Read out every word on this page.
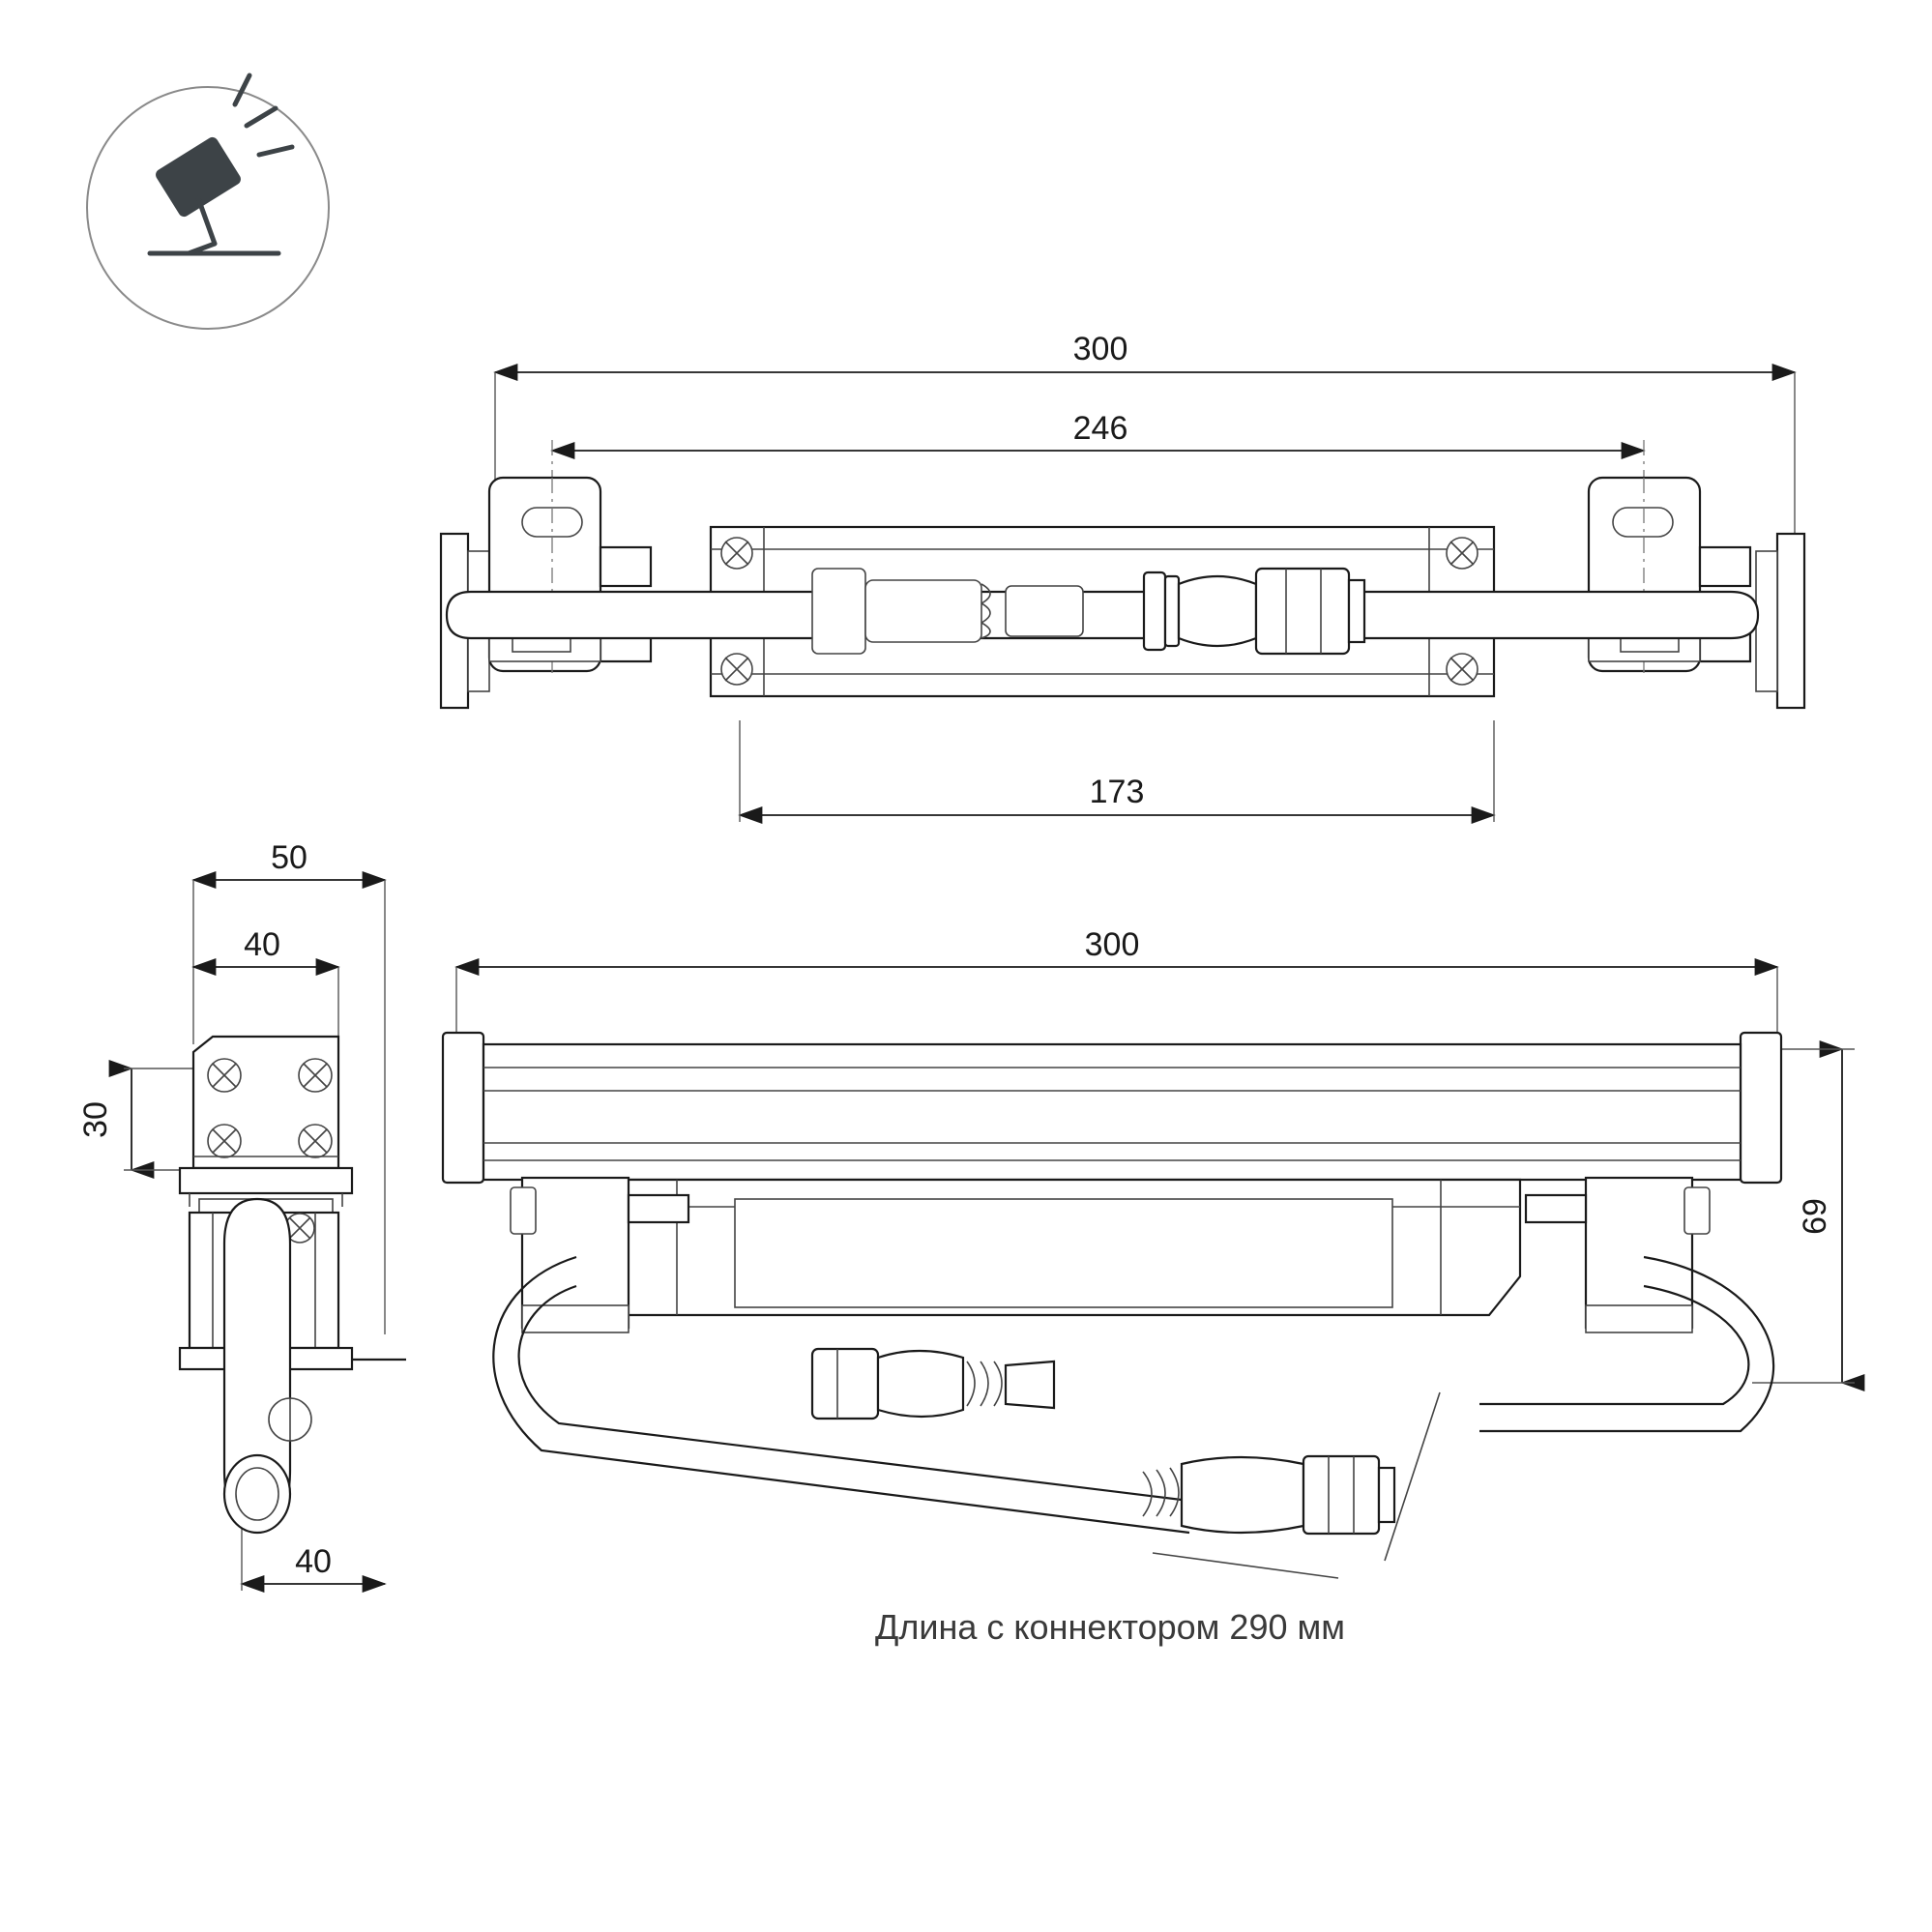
300
246
173
300
69
Длина с коннектором 290 мм
50
40
30
40
